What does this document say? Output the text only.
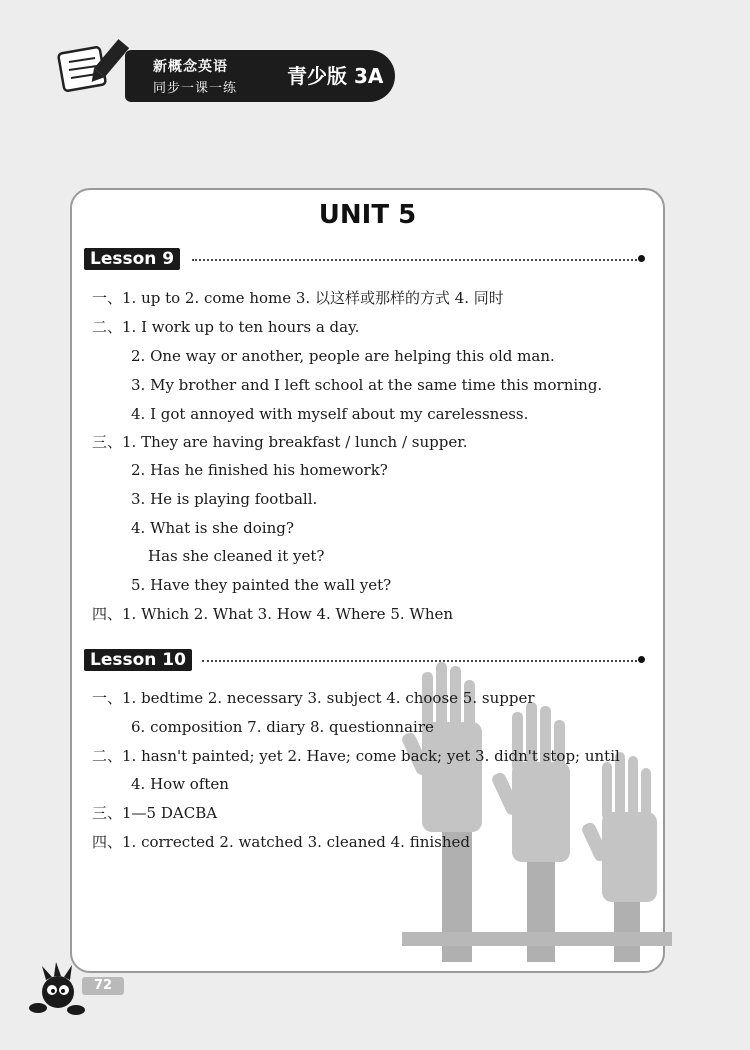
新概念英语
同步一课一练
青少版 3A
UNIT 5
Lesson 9
一、1. up to 2. come home 3. 以这样或那样的方式 4. 同时
二、1. I work up to ten hours a day.
2. One way or another, people are helping this old man.
3. My brother and I left school at the same time this morning.
4. I got annoyed with myself about my carelessness.
三、1. They are having breakfast / lunch / supper.
2. Has he finished his homework?
3. He is playing football.
4. What is she doing?
Has she cleaned it yet?
5. Have they painted the wall yet?
四、1. Which 2. What 3. How 4. Where 5. When
Lesson 10
一、1. bedtime 2. necessary 3. subject 4. choose 5. supper
6. composition 7. diary 8. questionnaire
二、1. hasn't painted; yet 2. Have; come back; yet 3. didn't stop; until
4. How often
三、1—5 DACBA
四、1. corrected 2. watched 3. cleaned 4. finished
72
